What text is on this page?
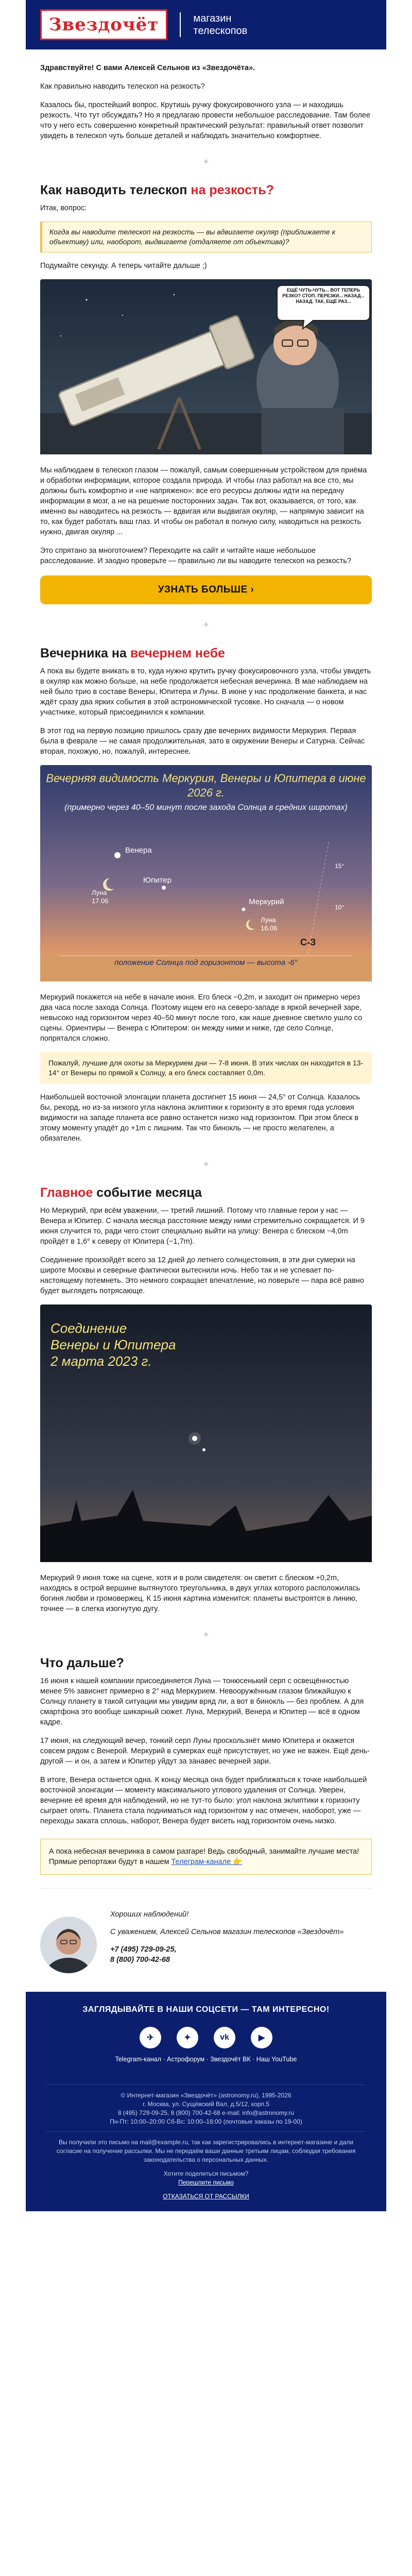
Звездочёт	магазин
телескопов

Здравствуйте! С вами Алексей Сельнов из «Звездочёта».

Как правильно наводить телескоп на резкость?

Казалось бы, простейший вопрос. Крутишь ручку фокусировочного узла — и находишь резкость. Что тут обсуждать? Но я предлагаю провести небольшое расследование. Там более что у него есть совершенно конкретный практический результат: правильный ответ позволит увидеть в телескоп чуть больше деталей и наблюдать значительно комфортнее.

✦
Как наводить телескоп на резкость?

Итак, вопрос:

Когда вы наводите телескоп на резкость — вы вдвигаете окуляр (приближаете к объективу) или, наоборот, выдвигаете (отдаляете от объектива)?

Подумайте секунду. А теперь читайте дальше ;)

ЕЩЁ ЧУТЬ-ЧУТЬ... ВОТ ТЕПЕРЬ РЕЗКО? СТОП. ПЕРЕЗКИ... НАЗАД... НАЗАД. ТАК, ЕЩЁ РАЗ...

Мы наблюдаем в телескоп глазом — пожалуй, самым совершенным устройством для приёма и обработки информации, которое создала природа. И чтобы глаз работал на все сто, мы должны быть комфортно и «не напряжено»: все его ресурсы должны идти на передачу информации в мозг, а не на решение посторонних задач. Так вот, оказывается, от того, как именно вы наводитесь на резкость — вдвигая или выдвигая окуляр, — напрямую зависит на то, как будет работать ваш глаз. И чтобы он работал в полную силу, наводиться на резкость нужно, двигая окуляр ...

Это спрятано за многоточием? Переходите на сайт и читайте наше небольшое расследование. И заодно проверьте — правильно ли вы наводите телескоп на резкость?

УЗНАТЬ БОЛЬШЕ ›
✦
Вечерника на вечернем небе

А пока вы будете вникать в то, куда нужно крутить ручку фокусировочного узла, чтобы увидеть в окуляр как можно больше, на небе продолжается небесная вечеринка. В мае наблюдаем на ней было трио в составе Венеры, Юпитера и Луны. В июне у нас продолжение банкета, и нас ждёт сразу два ярких события в этой астрономической тусовке. Но сначала — о новом участнике, который присоединился к компании.

В этот год на первую позицию пришлось сразу две вечерних видимости Меркурия. Первая была в феврале — не самая продолжительная, зато в окружении Венеры и Сатурна. Сейчас вторая, похожую, но, пожалуй, интереснее.

Вечерняя видимость Меркурия, Венеры и Юпитера в июне 2026 г.
(примерно через 40–50 минут после захода Солнца в средних широтах)
15°
10°
Венера
Юпитер
Луна
17.06	Меркурий
Луна
16.06
С-З
положение Солнца под горизонтом — высота -6°

Меркурий покажется на небе в начале июня. Его блеск −0,2m, и заходит он примерно через два часа после захода Солнца. Поэтому ищем его на северо-западе в яркой вечерней заре, невысоко над горизонтом через 40–50 минут после того, как наше дневное светило ушло со сцены. Ориентиры — Венера с Юпитером: он между ними и ниже, где село Солнце, попрятался сложно.

Пожалуй, лучшие для охоты за Меркурием дни — 7-8 июня. В этих числах он находится в 13-14° от Венеры по прямой к Солнцу, а его блеск составляет 0,0m.

Наибольшей восточной элонгации планета достигнет 15 июня — 24,5° от Солнца. Казалось бы, рекорд, но из-за низкого угла наклона эклиптики к горизонту в это время года условия видимости на западе планета все равно останется низко над горизонтом. При этом блеск в этому моменту упадёт до +1m с лишним. Так что бинокль — не просто желателен, а обязателен.

✦
Главное событие месяца

Но Меркурий, при всём уважении, — третий лишний. Потому что главные герои у нас — Венера и Юпитер. С начала месяца расстояние между ними стремительно сокращается. И 9 июня случится то, ради чего стоит специально выйти на улицу: Венера с блеском −4,0m пройдёт в 1,6° к северу от Юпитера (−1,7m).

Соединение произойдёт всего за 12 дней до летнего солнцестояния, в эти дни сумерки на широте Москвы и северные фактически вытеснили ночь. Небо так и не успевает по-настоящему потемнеть. Это немного сокращает впечатление, но поверьте — пара всё равно будет выглядеть потрясающе.

Соединение
Венеры и Юпитера
2 марта 2023 г.

Меркурий 9 июня тоже на сцене, хотя и в роли свидетеля: он светит с блеском +0,2m, находясь в острой вершине вытянутого треугольника, в двух углах которого расположилась богиня любви и громовержец. К 15 июня картина изменится: планеты выстроятся в линию, точнее — в слегка изогнутую дугу.

✦
Что дальше?

16 июня к нашей компании присоединяется Луна — тонюсенький серп с освещённостью менее 5% зависнет примерно в 2° над Меркурием. Невооружённым глазом ближайшую к Солнцу планету в такой ситуации мы увидим вряд ли, а вот в бинокль — без проблем. А для смартфона это вообще шикарный сюжет. Луна, Меркурий, Венера и Юпитер — всё в одном кадре.

17 июня, на следующий вечер, тонкий серп Луны проскользнёт мимо Юпитера и окажется совсем рядом с Венерой. Меркурий в сумерках ещё присутствует, но уже не важен. Ещё день-другой — и он, а затем и Юпитер уйдут за занавес вечерней зари.

В итоге, Венера останется одна. К концу месяца она будет приближаться к точке наибольшей восточной элонгации — моменту максимального углового удаления от Солнца. Уверен, вечерние её время для наблюдений, но не тут-то было: угол наклона эклиптики к горизонту сыграет опять. Планета стала подниматься над горизонтом у нас отмечен, наоборот, уже — переходы заката сплошь, наборот, Венера будет висеть над горизонтом очень низко.

А пока небесная вечеринка в самом разгаре! Ведь свободный, занимайте лучшие места! Прямые репортажи будут в нашем Телеграм-канале 👉

Хороших наблюдений!

С уважением, Алексей Сельнов магазин телескопов «Звездочёт»

+7 (495) 729-09-25,
8 (800) 700-42-68
ЗАГЛЯДЫВАЙТЕ В НАШИ СОЦСЕТИ — ТАМ ИНТЕРЕСНО!
✈	✦	vk	▶
Telegram-канал · Астрофорум · Звездочёт ВК · Наш YouTube
© Интернет-магазин «Звездочёт» (astronomy.ru), 1995-2026
г. Москва, ул. Сущёвский Вал, д.5/12, корп.5
8 (495) 729-09-25, 8 (800) 700-42-68 e-mail: info@astronomy.ru
Пн-Пт: 10:00–20:00 Сб-Вс: 10:00–18:00 (почтовые заказы по 19-00)
Вы получили это письмо на mail@example.ru, так как зарегистрировались в интернет-магазине и дали согласие на получение рассылки. Мы не передаём ваши данные третьим лицам, соблюдая требования законодательства о персональных данных.
Хотите поделиться письмом?
Перешлите письмо
ОТКАЗАТЬСЯ ОТ РАССЫЛКИ
